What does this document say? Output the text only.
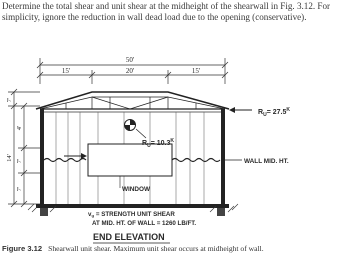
Determine the total shear and unit shear at the midheight of the shearwall in Fig. 3.12. For simplicity, ignore the reduction in wall dead load due to the opening (conservative).
50'
15'	20'	15'
7'
4'
7'
7'
14'	WALL MID. HT.
$R_U= 10.3^K$
$R_U= 27.5^K$
WINDOW
$v_u$ = STRENGTH UNIT SHEAR
AT MID. HT. OF WALL = 1260 LB/FT.
END ELEVATION
Figure 3.12 Shearwall unit shear. Maximum unit shear occurs at midheight of wall.
